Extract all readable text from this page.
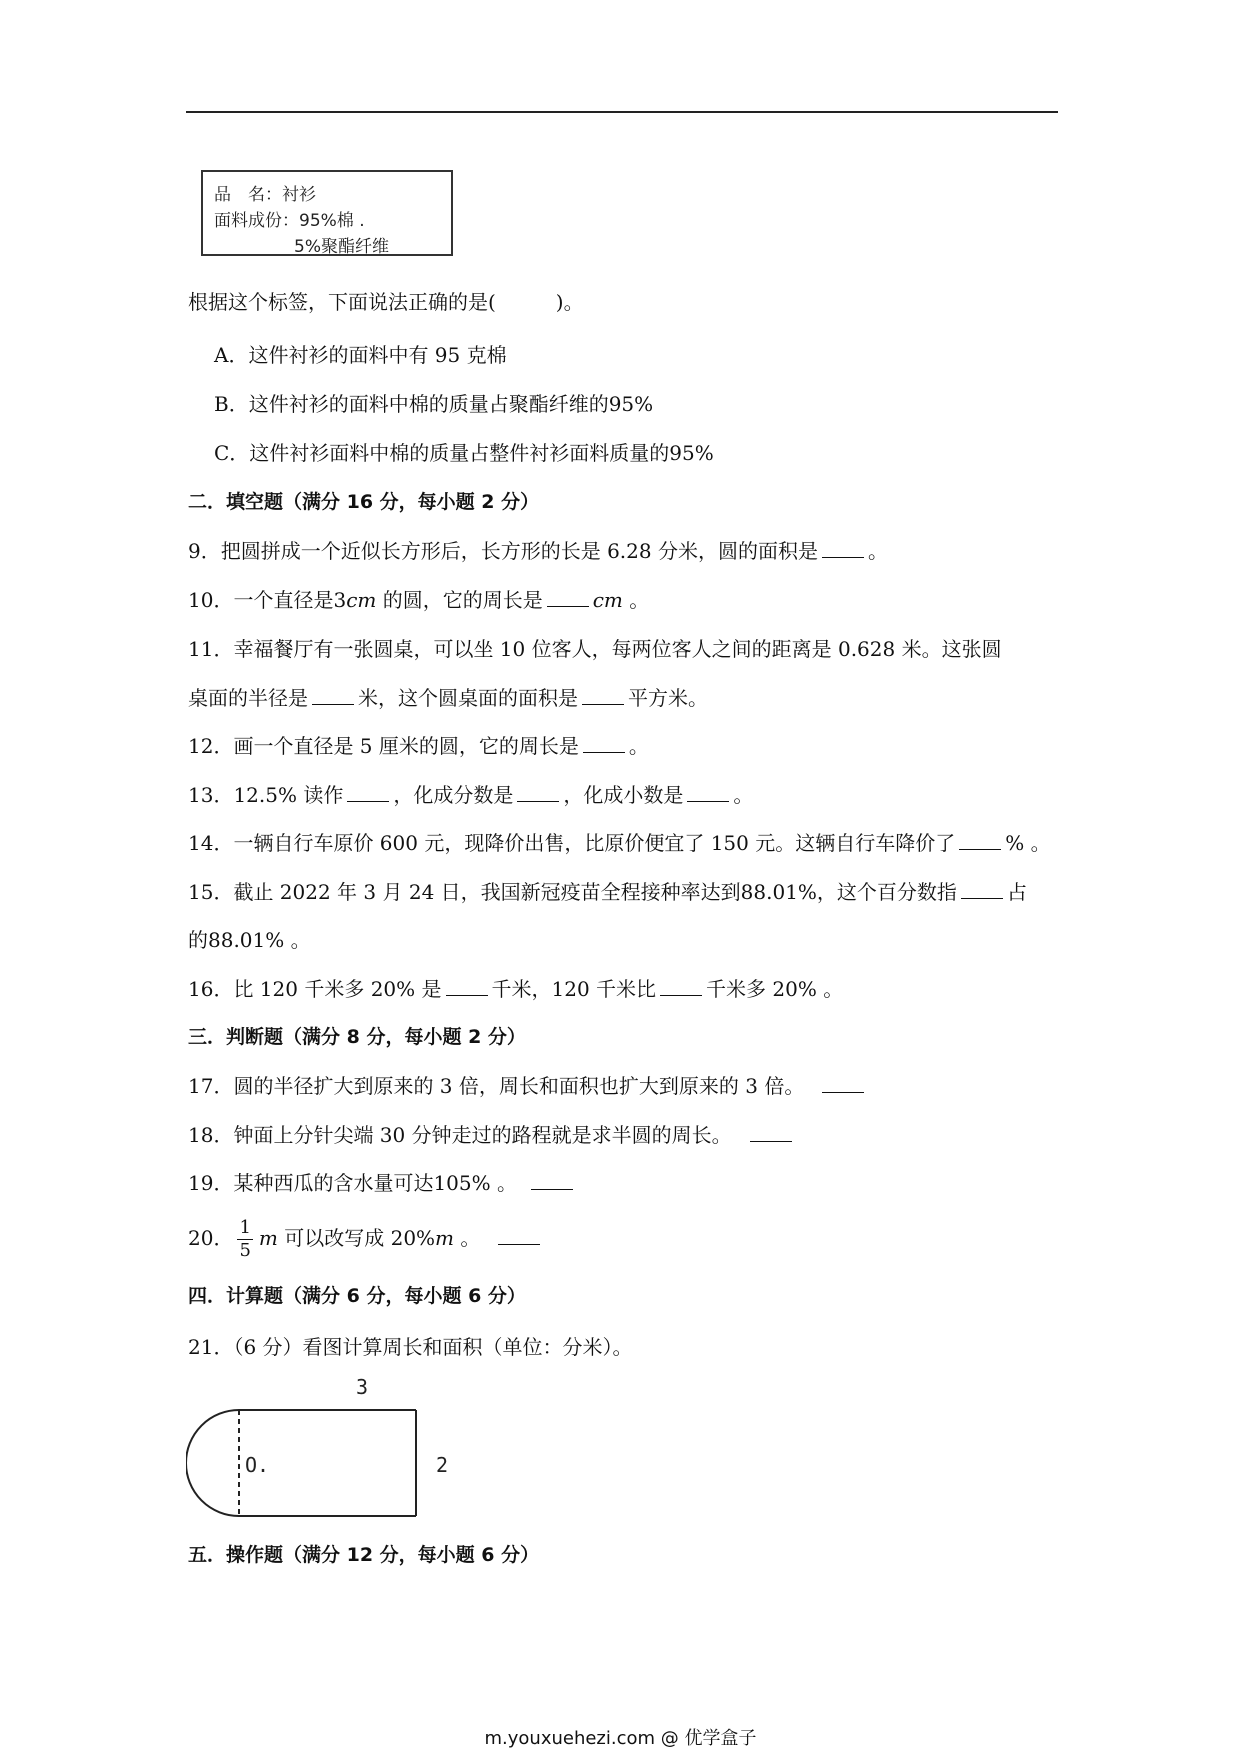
品　名：衬衫
面料成份：95%棉 .
5%聚酯纤维
根据这个标签，下面说法正确的是(　　　)。
A．这件衬衫的面料中有 95 克棉
B．这件衬衫的面料中棉的质量占聚酯纤维的95%
C．这件衬衫面料中棉的质量占整件衬衫面料质量的95%
二．填空题（满分 16 分，每小题 2 分）
9．把圆拼成一个近似长方形后，长方形的长是 6.28 分米，圆的面积是	。
10．一个直径是3cm 的圆，它的周长是	cm 。
11．幸福餐厅有一张圆桌，可以坐 10 位客人，每两位客人之间的距离是 0.628 米。这张圆
桌面的半径是	米，这个圆桌面的面积是	平方米。
12．画一个直径是 5 厘米的圆，它的周长是	。
13．12.5% 读作	，化成分数是	，化成小数是	。
14．一辆自行车原价 600 元，现降价出售，比原价便宜了 150 元。这辆自行车降价了	% 。
15．截止 2022 年 3 月 24 日，我国新冠疫苗全程接种率达到88.01%，这个百分数指	占
的88.01% 。
16．比 120 千米多 20% 是	千米，120 千米比	千米多 20% 。
三．判断题（满分 8 分，每小题 2 分）
17．圆的半径扩大到原来的 3 倍，周长和面积也扩大到原来的 3 倍。
18．钟面上分针尖端 30 分钟走过的路程就是求半圆的周长。
19．某种西瓜的含水量可达105% 。
20． $\frac{1}{5}$ m 可以改写成 20%m 。
四．计算题（满分 6 分，每小题 6 分）
21．（6 分）看图计算周长和面积（单位：分米）。
3
2
O.
五．操作题（满分 12 分，每小题 6 分）
m.youxuehezi.com @ 优学盒子
